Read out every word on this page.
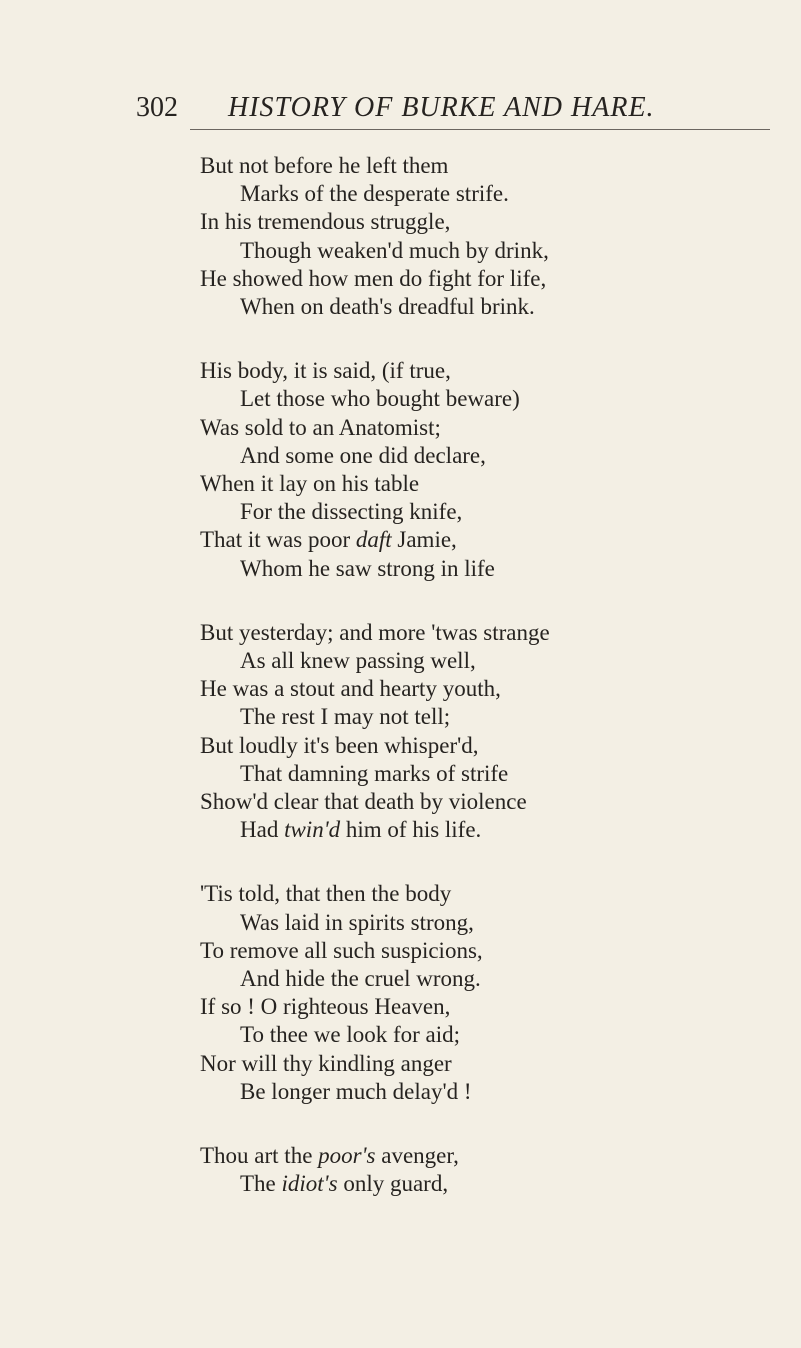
302 HISTORY OF BURKE AND HARE.
But not before he left them
Marks of the desperate strife.
In his tremendous struggle,
Though weaken'd much by drink,
He showed how men do fight for life,
When on death's dreadful brink.
His body, it is said, (if true,
Let those who bought beware)
Was sold to an Anatomist;
And some one did declare,
When it lay on his table
For the dissecting knife,
That it was poor daft Jamie,
Whom he saw strong in life
But yesterday; and more 'twas strange
As all knew passing well,
He was a stout and hearty youth,
The rest I may not tell;
But loudly it's been whisper'd,
That damning marks of strife
Show'd clear that death by violence
Had twin'd him of his life.
'Tis told, that then the body
Was laid in spirits strong,
To remove all such suspicions,
And hide the cruel wrong.
If so ! O righteous Heaven,
To thee we look for aid;
Nor will thy kindling anger
Be longer much delay'd !
Thou art the poor's avenger,
The idiot's only guard,
